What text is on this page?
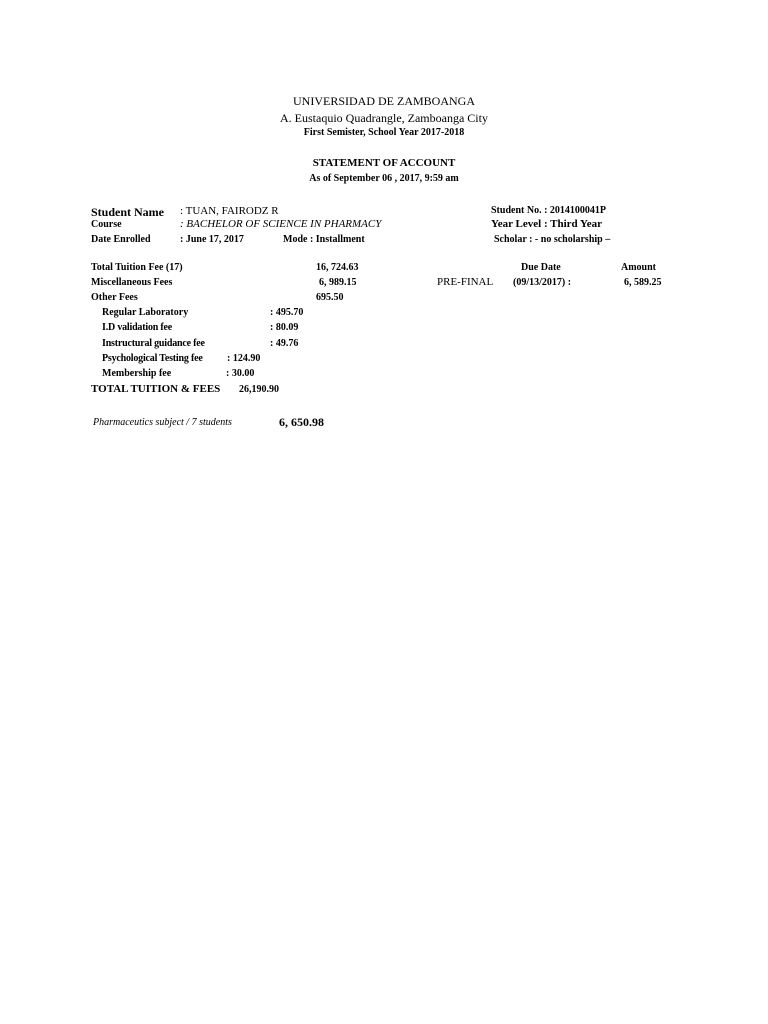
UNIVERSIDAD DE ZAMBOANGA
A. Eustaquio Quadrangle, Zamboanga City
First Semister, School Year 2017-2018
STATEMENT OF ACCOUNT
As of September 06 , 2017, 9:59 am
Student Name : TUAN, FAIRODZ R	Student No. : 2014100041P
Course	: BACHELOR OF SCIENCE IN PHARMACY	Year Level : Third Year
Date Enrolled	: June 17, 2017	Mode : Installment	Scholar : - no scholarship –
Total Tuition Fee (17)	16, 724.63	Due Date	Amount
Miscellaneous Fees	6, 989.15	PRE-FINAL (09/13/2017) :	6, 589.25
Other Fees	695.50
Regular Laboratory	: 495.70
I.D validation fee	: 80.09
Instructural guidance fee	: 49.76
Psychological Testing fee : 124.90
Membership fee	: 30.00
TOTAL TUITION & FEES 26,190.90
Pharmaceutics subject / 7 students	6, 650.98
